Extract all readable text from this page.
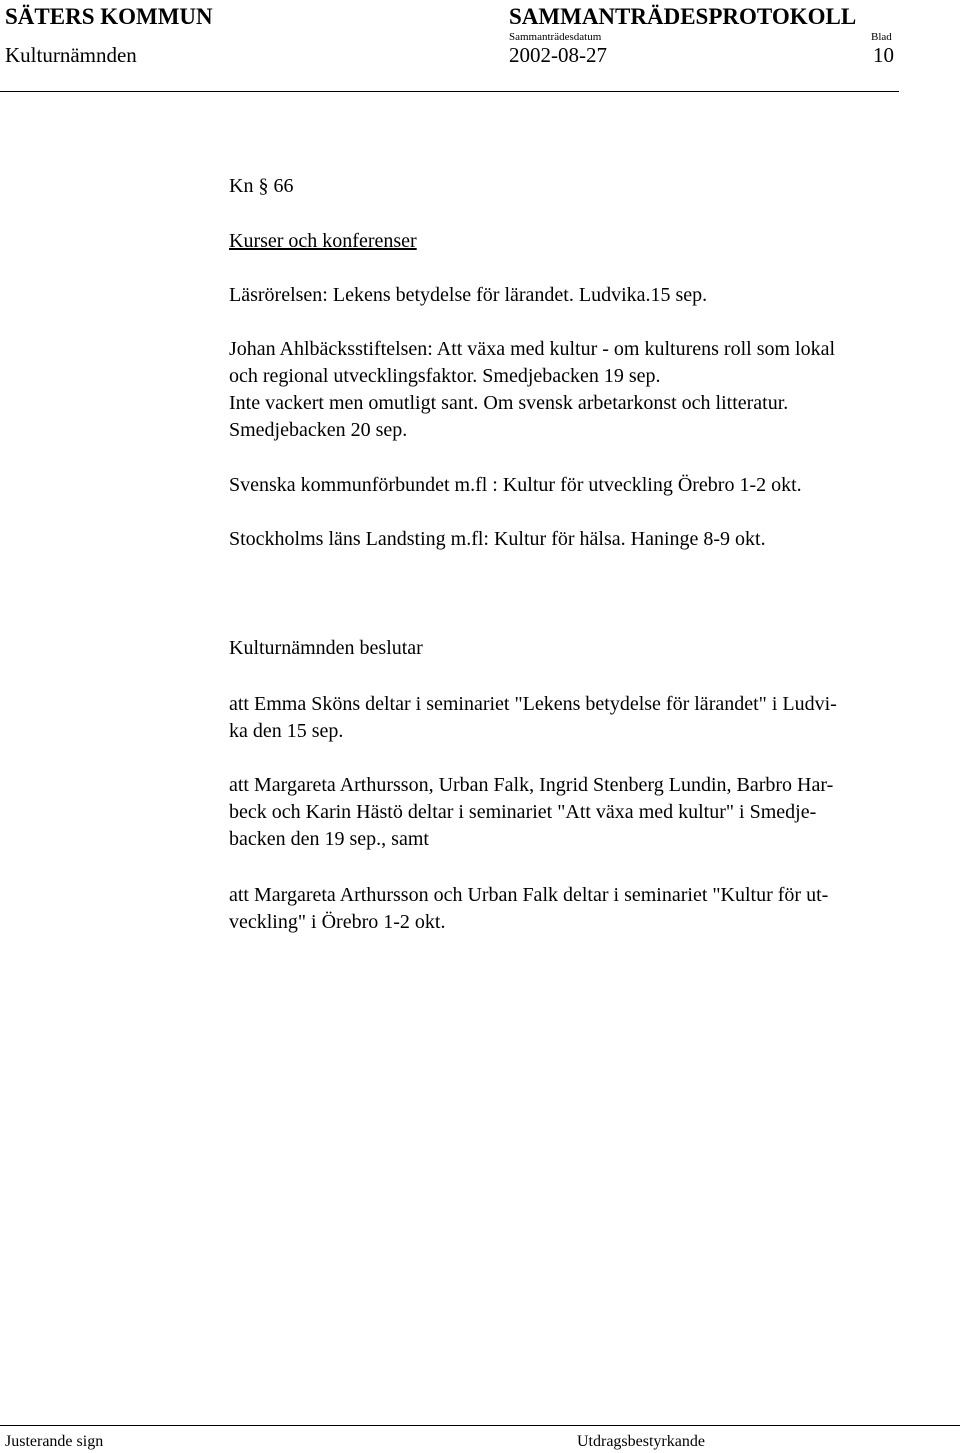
SÄTERS KOMMUN	SAMMANTRÄDESPROTOKOLL
Sammanträdesdatum	Blad
Kulturnämnden	2002-08-27	10
Kn § 66
Kurser och konferenser
Läsrörelsen: Lekens betydelse för lärandet. Ludvika.15 sep.
Johan Ahlbäcksstiftelsen: Att växa med kultur - om kulturens roll som lokal
och regional utvecklingsfaktor. Smedjebacken 19 sep.
Inte vackert men omutligt sant. Om svensk arbetarkonst och litteratur.
Smedjebacken 20 sep.
Svenska kommunförbundet m.fl : Kultur för utveckling Örebro 1-2 okt.
Stockholms läns Landsting m.fl: Kultur för hälsa. Haninge 8-9 okt.
Kulturnämnden beslutar
att Emma Sköns deltar i seminariet "Lekens betydelse för lärandet" i Ludvi-
ka den 15 sep.
att Margareta Arthursson, Urban Falk, Ingrid Stenberg Lundin, Barbro Har-
beck och Karin Hästö deltar i seminariet "Att växa med kultur" i Smedje-
backen den 19 sep., samt
att Margareta Arthursson och Urban Falk deltar i seminariet "Kultur för ut-
veckling" i Örebro 1-2 okt.
Justerande sign	Utdragsbestyrkande
